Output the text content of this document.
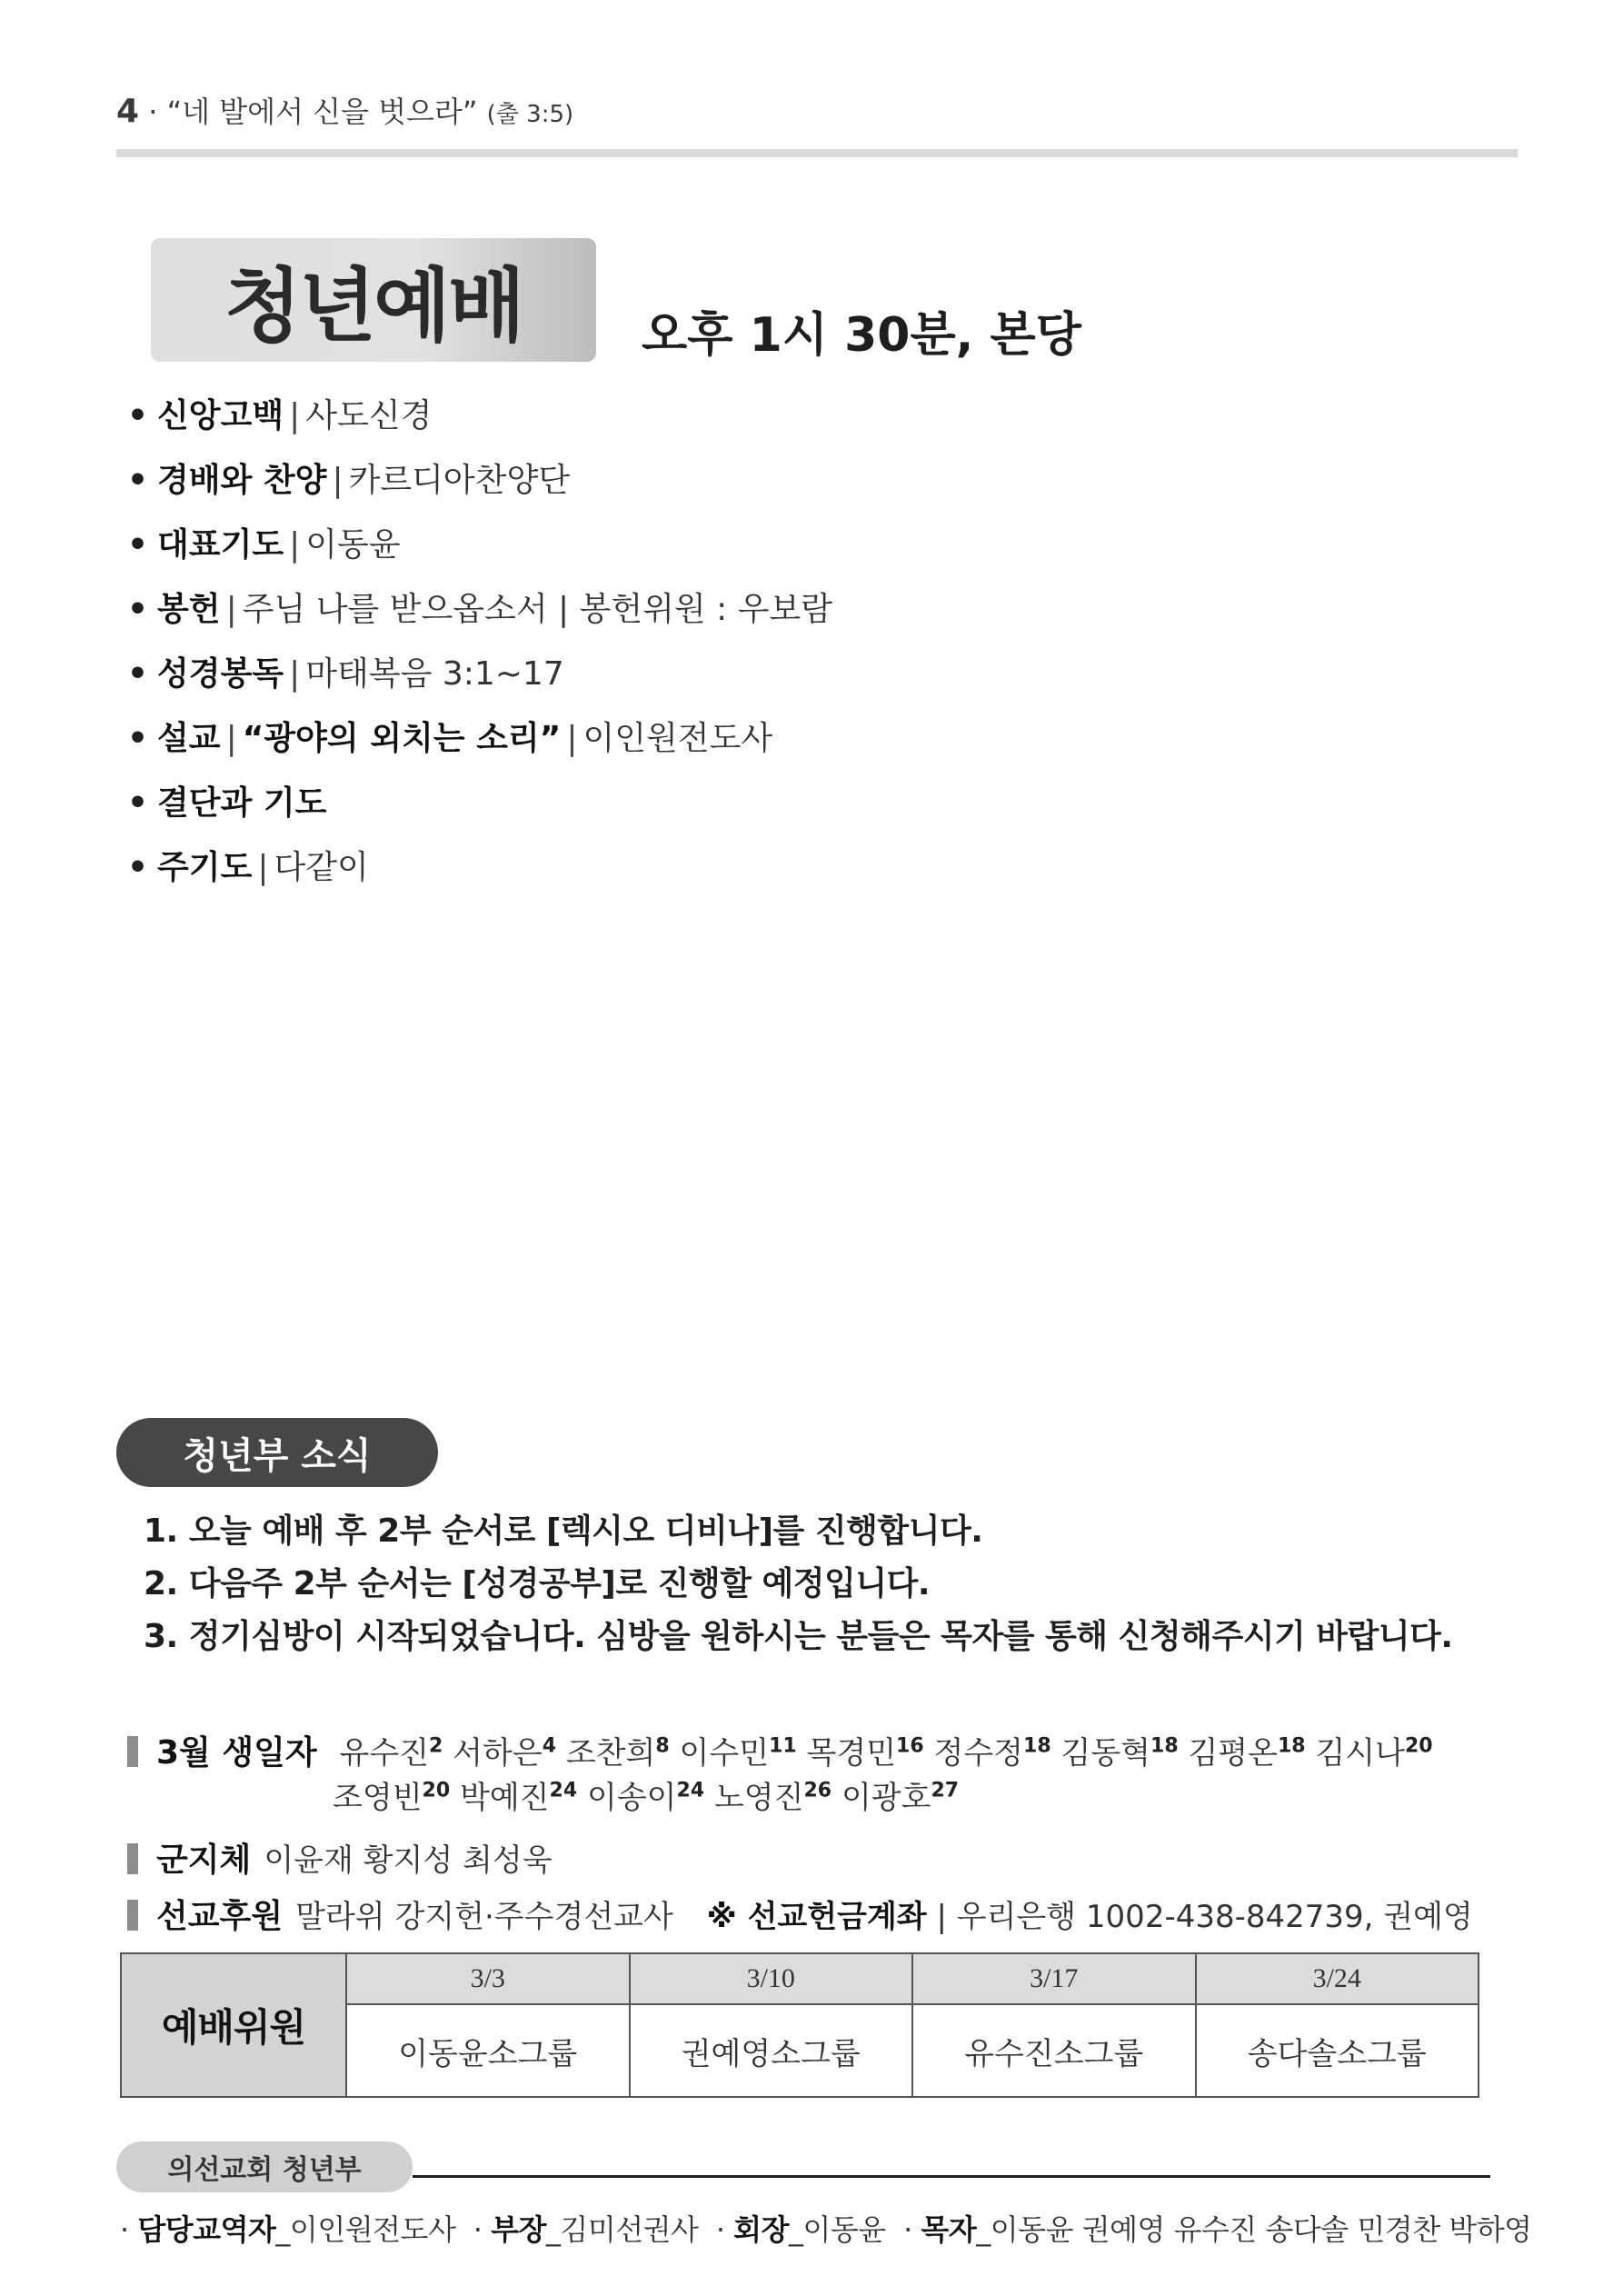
4 · “네 발에서 신을 벗으라” (출 3:5)
청년예배	오후 1시 30분, 본당
• 신앙고백 | 사도신경
• 경배와 찬양 | 카르디아찬양단
• 대표기도 | 이동윤
• 봉헌 | 주님 나를 받으옵소서 | 봉헌위원 : 우보람
• 성경봉독 | 마태복음 3:1~17
• 설교 | “광야의 외치는 소리” | 이인원전도사
• 결단과 기도
• 주기도 | 다같이
청년부 소식
1. 오늘 예배 후 2부 순서로 [렉시오 디비나]를 진행합니다.
2. 다음주 2부 순서는 [성경공부]로 진행할 예정입니다.
3. 정기심방이 시작되었습니다. 심방을 원하시는 분들은 목자를 통해 신청해주시기 바랍니다.
3월 생일자 유수진$^2$ 서하은$^4$ 조찬희$^8$ 이수민$^{11}$ 목경민$^{16}$ 정수정$^{18}$ 김동혁$^{18}$ 김평온$^{18}$ 김시나$^{20}$
조영빈$^{20}$ 박예진$^{24}$ 이송이$^{24}$ 노영진$^{26}$ 이광호$^{27}$
군지체 이윤재 황지성 최성욱
선교후원 말라위 강지헌·주수경선교사 ※ 선교헌금계좌 | 우리은행 1002-438-842739, 권예영
예배위원	3/3	3/10	3/17	3/24
	이동윤소그룹	권예영소그룹	유수진소그룹	송다솔소그룹
의선교회 청년부
· 담당교역자_이인원전도사  · 부장_김미선권사  · 회장_이동윤  · 목자_이동윤 권예영 유수진 송다솔 민경찬 박하영
